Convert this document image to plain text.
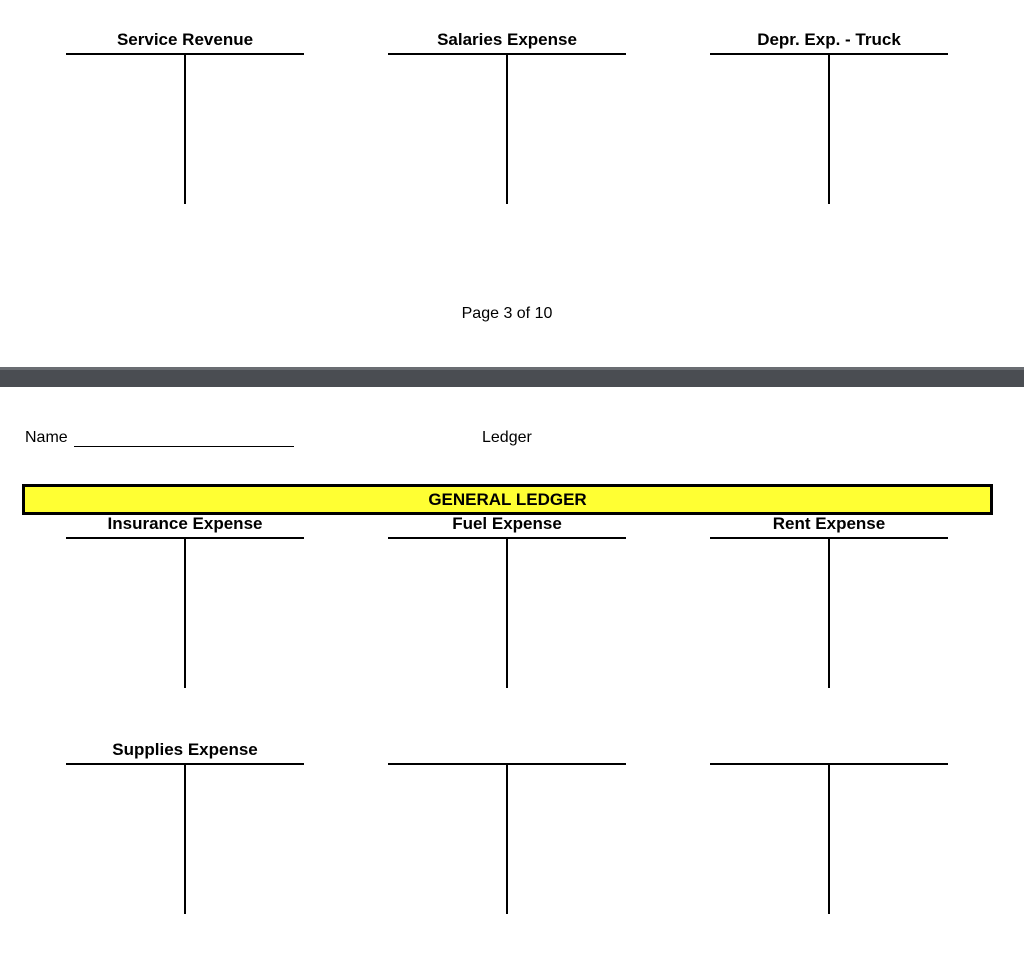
Service Revenue	Salaries Expense	Depr. Exp. - Truck
Page 3 of 10
Name	Ledger
GENERAL LEDGER
Insurance Expense	Fuel Expense	Rent Expense
Supplies Expense
